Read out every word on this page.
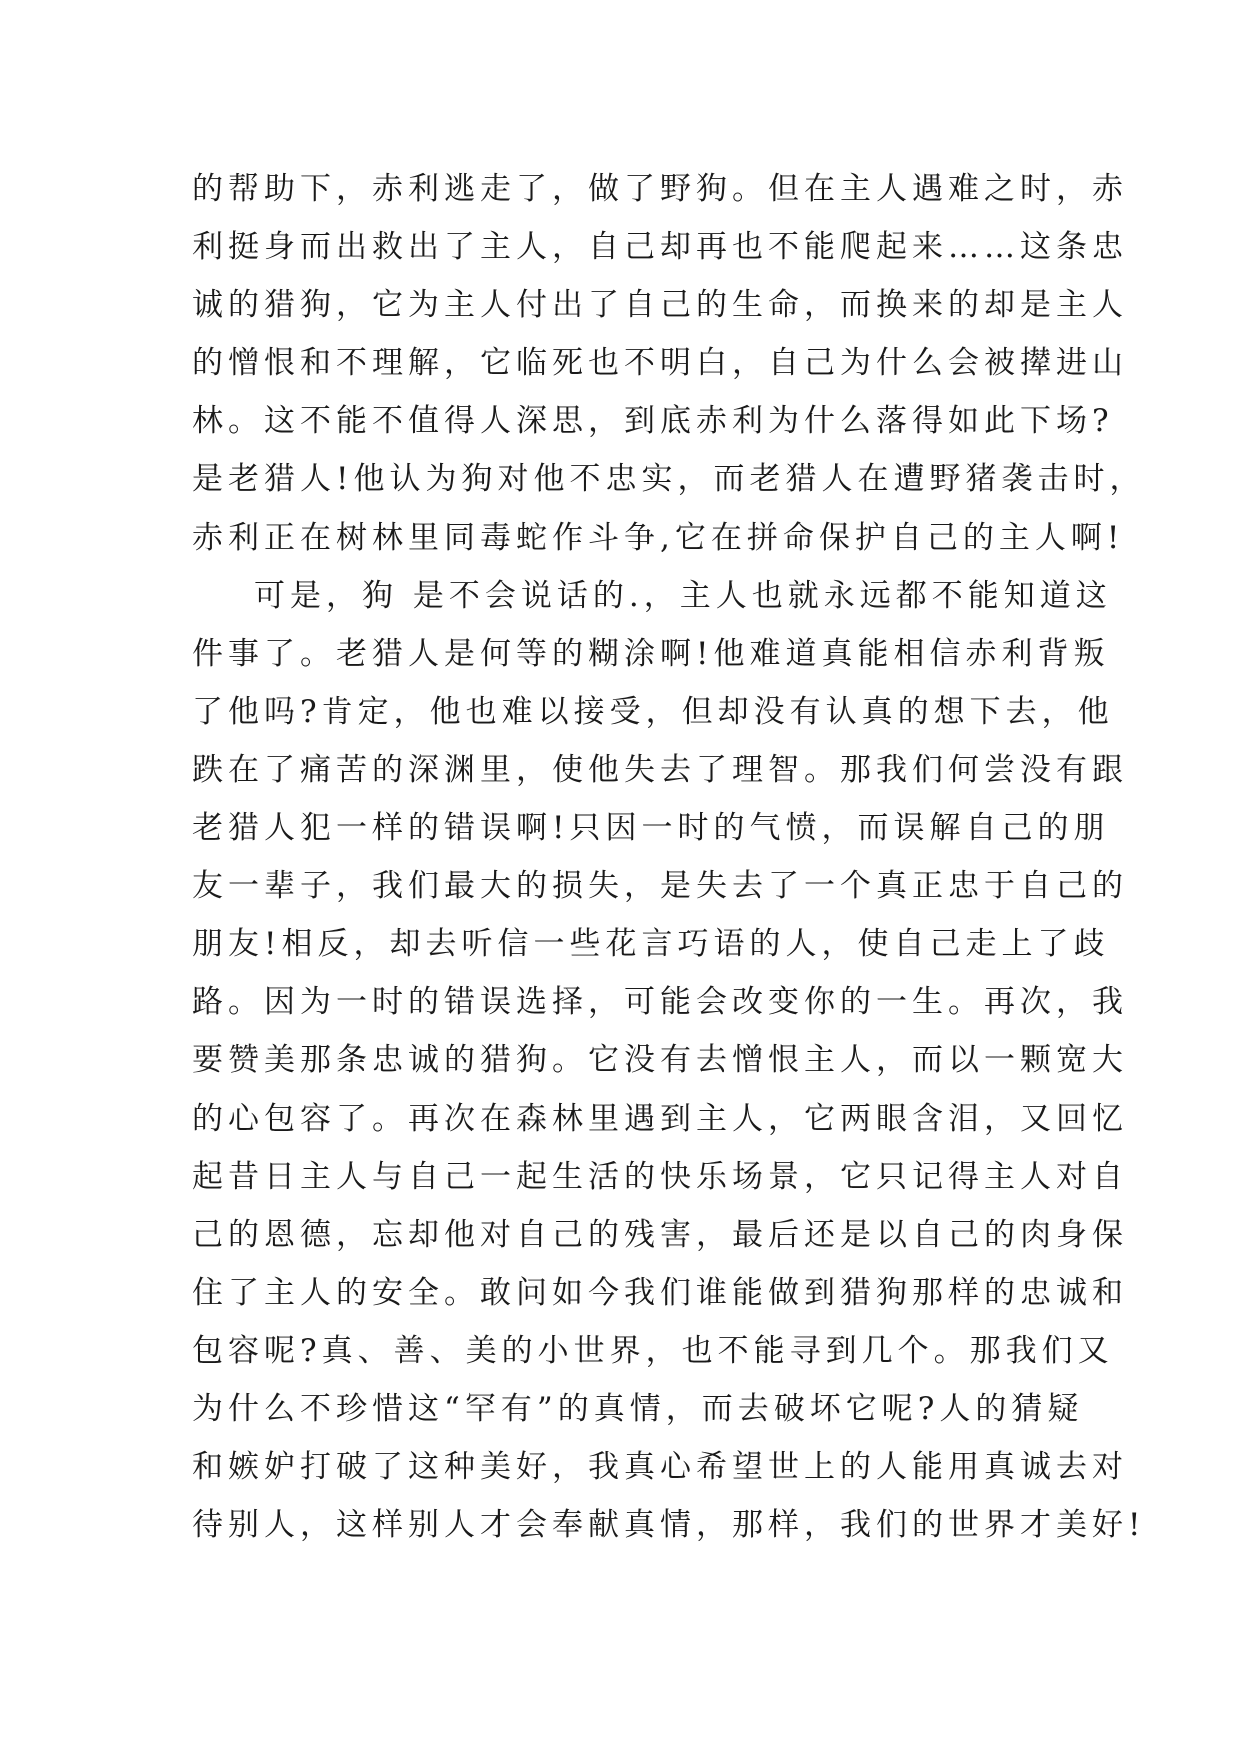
的帮助下，赤利逃走了，做了野狗。但在主人遇难之时，赤
利挺身而出救出了主人，自己却再也不能爬起来……这条忠
诚的猎狗，它为主人付出了自己的生命，而换来的却是主人
的憎恨和不理解，它临死也不明白，自己为什么会被撵进山
林。这不能不值得人深思，到底赤利为什么落得如此下场?
是老猎人!他认为狗对他不忠实，而老猎人在遭野猪袭击时，
赤利正在树林里同毒蛇作斗争,它在拼命保护自己的主人啊!
可是，狗 是不会说话的.，主人也就永远都不能知道这
件事了。老猎人是何等的糊涂啊!他难道真能相信赤利背叛
了他吗?肯定，他也难以接受，但却没有认真的想下去，他
跌在了痛苦的深渊里，使他失去了理智。那我们何尝没有跟
老猎人犯一样的错误啊!只因一时的气愤，而误解自己的朋
友一辈子，我们最大的损失，是失去了一个真正忠于自己的
朋友!相反，却去听信一些花言巧语的人，使自己走上了歧
路。因为一时的错误选择，可能会改变你的一生。再次，我
要赞美那条忠诚的猎狗。它没有去憎恨主人，而以一颗宽大
的心包容了。再次在森林里遇到主人，它两眼含泪，又回忆
起昔日主人与自己一起生活的快乐场景，它只记得主人对自
己的恩德，忘却他对自己的残害，最后还是以自己的肉身保
住了主人的安全。敢问如今我们谁能做到猎狗那样的忠诚和
包容呢?真、善、美的小世界，也不能寻到几个。那我们又
为什么不珍惜这“罕有”的真情，而去破坏它呢?人的猜疑
和嫉妒打破了这种美好，我真心希望世上的人能用真诚去对
待别人，这样别人才会奉献真情，那样，我们的世界才美好!
